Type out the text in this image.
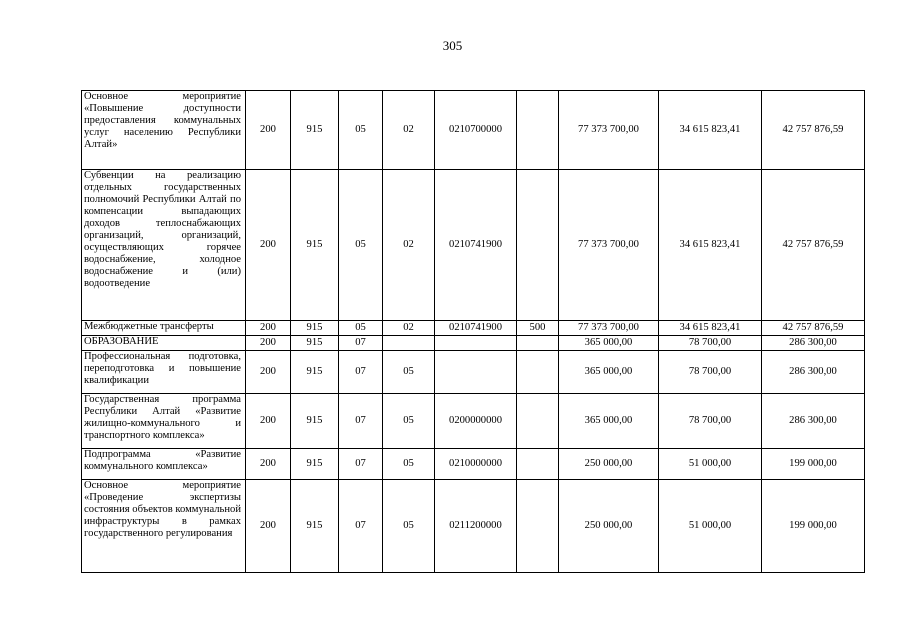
305
Основное мероприятие «Повышение доступности предоставления коммунальных услуг населению Республики Алтай»	200	915	05	02	0210700000		77 373 700,00	34 615 823,41	42 757 876,59
Субвенции на реализацию отдельных государственных полномочий Республики Алтай по компенсации выпадающих доходов теплоснабжающих организаций, организаций, осуществляющих горячее водоснабжение, холодное водоснабжение и (или) водоотведение	200	915	05	02	0210741900		77 373 700,00	34 615 823,41	42 757 876,59
Межбюджетные трансферты	200	915	05	02	0210741900	500	77 373 700,00	34 615 823,41	42 757 876,59
ОБРАЗОВАНИЕ	200	915	07				365 000,00	78 700,00	286 300,00
Профессиональная подготовка, переподготовка и повышение квалификации	200	915	07	05			365 000,00	78 700,00	286 300,00
Государственная программа Республики Алтай «Развитие жилищно-коммунального и транспортного комплекса»	200	915	07	05	0200000000		365 000,00	78 700,00	286 300,00
Подпрограмма «Развитие коммунального комплекса»	200	915	07	05	0210000000		250 000,00	51 000,00	199 000,00
Основное мероприятие «Проведение экспертизы состояния объектов коммунальной инфраструктуры в рамках государственного регулирования	200	915	07	05	0211200000		250 000,00	51 000,00	199 000,00
